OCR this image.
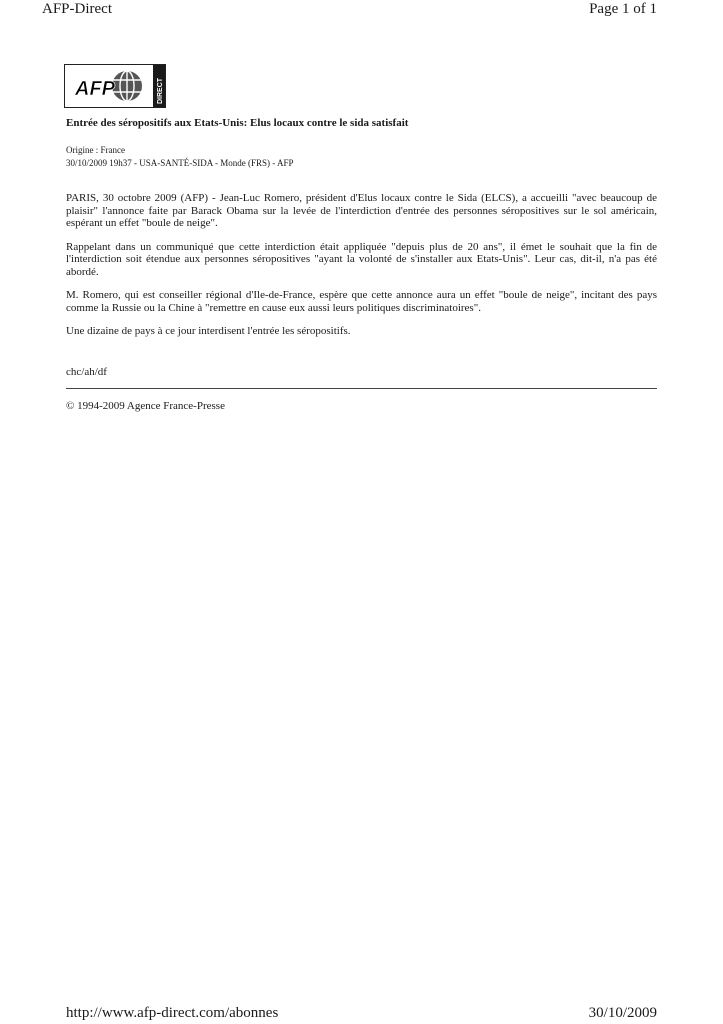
AFP-Direct	Page 1 of 1
AFP	DIRECT
Entrée des séropositifs aux Etats-Unis: Elus locaux contre le sida satisfait
Origine : France
30/10/2009 19h37 - USA-SANTÉ-SIDA - Monde (FRS) - AFP

PARIS, 30 octobre 2009 (AFP) - Jean-Luc Romero, président d'Elus locaux contre le Sida (ELCS), a accueilli "avec beaucoup de plaisir" l'annonce faite par Barack Obama sur la levée de l'interdiction d'entrée des personnes séropositives sur le sol américain, espérant un effet "boule de neige".

Rappelant dans un communiqué que cette interdiction était appliquée "depuis plus de 20 ans", il émet le souhait que la fin de l'interdiction soit étendue aux personnes séropositives "ayant la volonté de s'installer aux Etats-Unis". Leur cas, dit-il, n'a pas été abordé.

M. Romero, qui est conseiller régional d'Ile-de-France, espère que cette annonce aura un effet "boule de neige", incitant des pays comme la Russie ou la Chine à "remettre en cause eux aussi leurs politiques discriminatoires".

Une dizaine de pays à ce jour interdisent l'entrée les séropositifs.

chc/ah/df
© 1994-2009 Agence France-Presse
http://www.afp-direct.com/abonnes	30/10/2009
